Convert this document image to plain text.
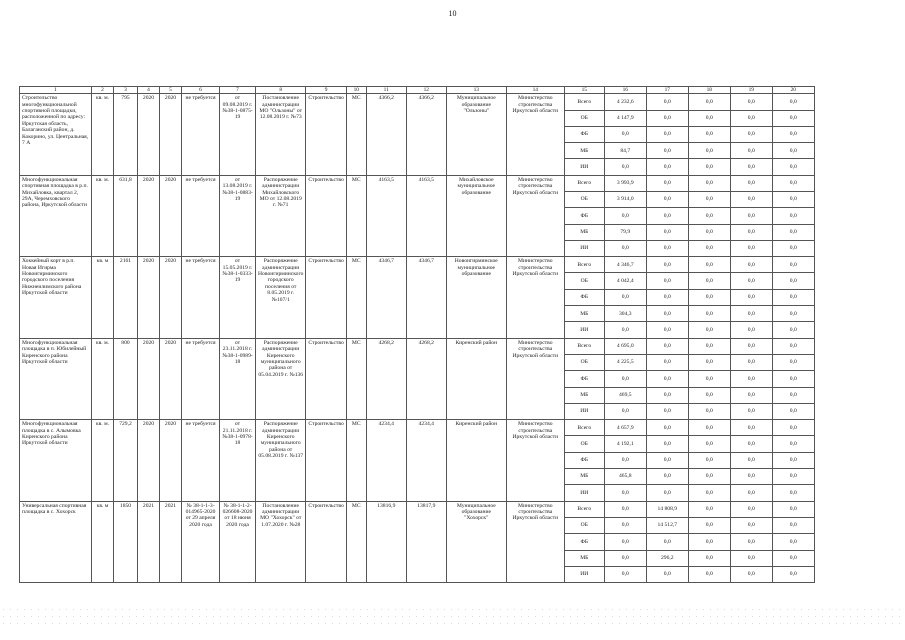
10
1	2	3	4	5	6	7	8	9	10	11	12	13	14	15	16	17	18	19	20
Строительство многофункциональной спортивной площадки, расположенной по адресу: Иркутская область, Балаганский район, д. Кокорино, ул. Центральная, 7 А	кв. м.	795	2020	2020	не требуется	от 09.08.2019 г. №38-1-0875-19	Постановление администрации МО "Ользоны" от 12.08.2019 г. №73	Строительство	МС	4366,2	4366,2	Муниципальное образование "Ользоны"	Министерство строительства Иркутской области	Всего	4 232,6	0,0	0,0	0,0	0,0
														ОБ	4 147,9	0,0	0,0	0,0	0,0
														ФБ	0,0	0,0	0,0	0,0	0,0
														МБ	84,7	0,0	0,0	0,0	0,0
														ИИ	0,0	0,0	0,0	0,0	0,0
Многофункциональная спортивная площадка в р.п. Михайловка, квартал 2, 29А, Черемховского района, Иркутской области	кв. м.	631,8	2020	2020	не требуется	от 13.08.2019 г. №38-1-0883-19	Распоряжение администрации Михайловского МО от 12.08.2019 г. №71	Строительство	МС	4163,5	4163,5	Михайловское муниципальное образование	Министерство строительства Иркутской области	Всего	3 993,9	0,0	0,0	0,0	0,0
														ОБ	3 914,0	0,0	0,0	0,0	0,0
														ФБ	0,0	0,0	0,0	0,0	0,0
														МБ	79,9	0,0	0,0	0,0	0,0
														ИИ	0,0	0,0	0,0	0,0	0,0
Хоккейный корт в р.п. Новая Игирма Новоигирминского городского поселения Нижнеилимского района Иркутской области	кв. м	2161	2020	2020	не требуется	от 15.05.2019 г. №38-1-0333-19	Распоряжение администрации Новоигирминского городского поселения от 8.05.2019 г. №107/1	Строительство	МС	4346,7	4346,7	Новоигирминское муниципальное образование	Министерство строительства Иркутской области	Всего	4 346,7	0,0	0,0	0,0	0,0
														ОБ	4 042,4	0,0	0,0	0,0	0,0
														ФБ	0,0	0,0	0,0	0,0	0,0
														МБ	304,3	0,0	0,0	0,0	0,0
														ИИ	0,0	0,0	0,0	0,0	0,0
Многофункциональная площадка в п. Юбилейный Киренского района Иркутской области	кв. м.	800	2020	2020	не требуется	от 23.11.2018 г. №38-1-0989-18	Распоряжение администрации Киренского муниципального района от 05.04.2019 г. №136	Строительство	МС	4268,2	4268,2	Киренский район	Министерство строительства Иркутской области	Всего	4 695,0	0,0	0,0	0,0	0,0
														ОБ	4 225,5	0,0	0,0	0,0	0,0
														ФБ	0,0	0,0	0,0	0,0	0,0
														МБ	469,5	0,0	0,0	0,0	0,0
														ИИ	0,0	0,0	0,0	0,0	0,0
Многофункциональная площадка в с. Алымовка Киренского района Иркутской области	кв. м.	729,2	2020	2020	не требуется	от 21.11.2018 г. №38-1-0978-18	Распоряжение администрации Киренского муниципального района от 05.08.2019 г. №137	Строительство	МС	4234,4	4234,4	Киренский район	Министерство строительства Иркутской области	Всего	4 657,9	0,0	0,0	0,0	0,0
														ОБ	4 192,1	0,0	0,0	0,0	0,0
														ФБ	0,0	0,0	0,0	0,0	0,0
														МБ	465,8	0,0	0,0	0,0	0,0
														ИИ	0,0	0,0	0,0	0,0	0,0
Универсальная спортивная площадка в с. Хохорск	кв. м	1850	2021	2021	№ 38-1-1-3-014965-2020 от 29 апреля 2020 года	№ 38-1-1-2-026608-2020 от 18 июня 2020 года	Постановление администрации МО "Хохорск" от 1.07.2020 г. №28	Строительство	МС	13816,9	13817,9	Муниципальное образование "Хохорск"	Министерство строительства Иркутской области	Всего	0,0	14 808,9	0,0	0,0	0,0
														ОБ	0,0	14 512,7	0,0	0,0	0,0
														ФБ	0,0	0,0	0,0	0,0	0,0
														МБ	0,0	296,2	0,0	0,0	0,0
														ИИ	0,0	0,0	0,0	0,0	0,0
